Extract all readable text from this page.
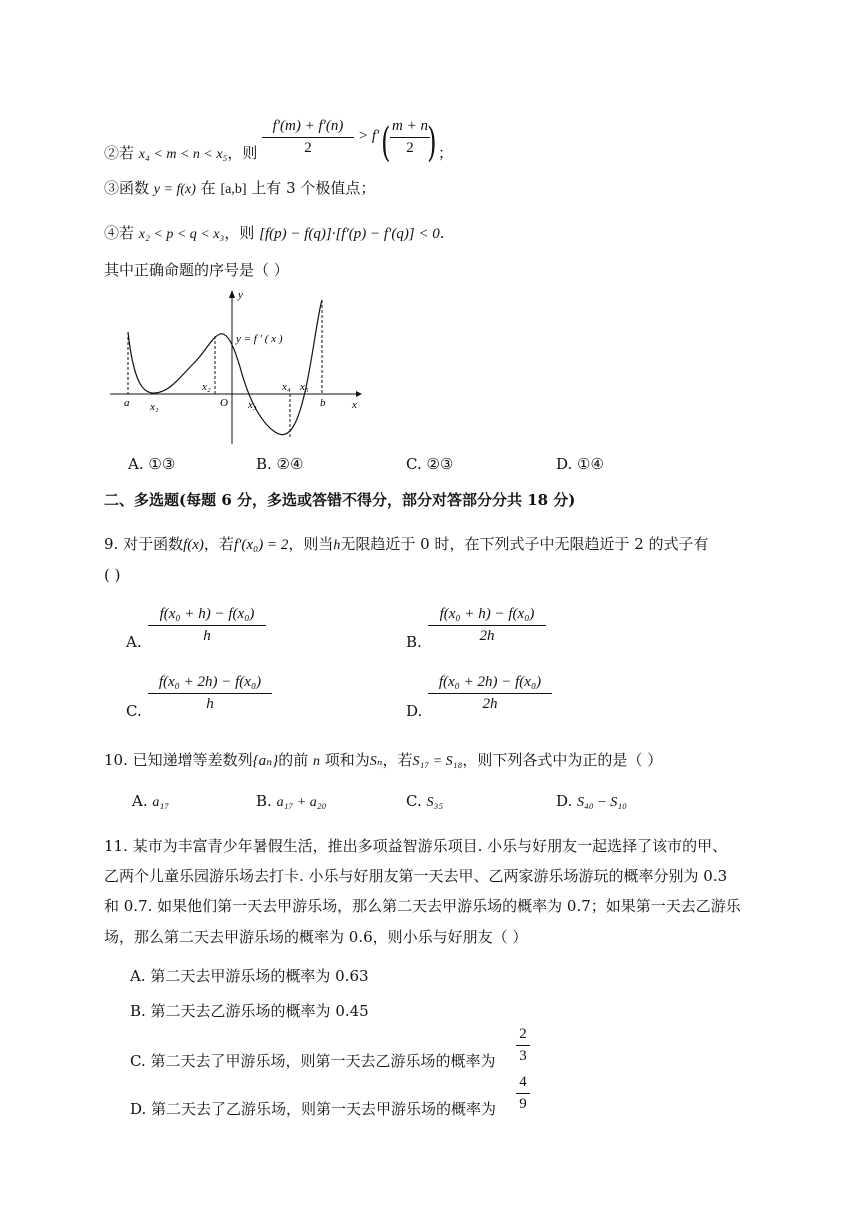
②若 x₄ < m < n < x₅，则
f′(m) + f′(n)
2
> f′ ( m + n
2 ) ；
③函数 y = f(x) 在 [a,b] 上有 3 个极值点；
④若 x₂ < p < q < x₃，则 [f(p) − f(q)]·[f′(p) − f′(q)] < 0.
其中正确命题的序号是（ ）
y
x
y = f ′ ( x )
O
a x₁
x₂
x₃
x₄ x₅
b
A. ①③	B. ②④	C. ②③	D. ①④
二、多选题(每题 6 分，多选或答错不得分，部分对答部分分共 18 分)
9. 对于函数f(x)，若f′(x₀) = 2，则当h无限趋近于 0 时，在下列式子中无限趋近于 2 的式子有
( )
A.
f(x₀ + h) − f(x₀)
h	B.
f(x₀ + h) − f(x₀)
2h
C.
f(x₀ + 2h) − f(x₀)
h	D.
f(x₀ + 2h) − f(x₀)
2h
10. 已知递增等差数列{aₙ}的前 n 项和为Sₙ，若S₁₇ = S₁₈，则下列各式中为正的是（ ）
A. a₁₇	B. a₁₇ + a₂₀	C. S₃₅	D. S₄₀ − S₁₀
11. 某市为丰富青少年暑假生活，推出多项益智游乐项目. 小乐与好朋友一起选择了该市的甲、
乙两个儿童乐园游乐场去打卡. 小乐与好朋友第一天去甲、乙两家游乐场游玩的概率分别为 0.3
和 0.7. 如果他们第一天去甲游乐场，那么第二天去甲游乐场的概率为 0.7；如果第一天去乙游乐
场，那么第二天去甲游乐场的概率为 0.6，则小乐与好朋友（ ）
A. 第二天去甲游乐场的概率为 0.63
B. 第二天去乙游乐场的概率为 0.45
C. 第二天去了甲游乐场，则第一天去乙游乐场的概率为
2
3
D. 第二天去了乙游乐场，则第一天去甲游乐场的概率为
4
9
